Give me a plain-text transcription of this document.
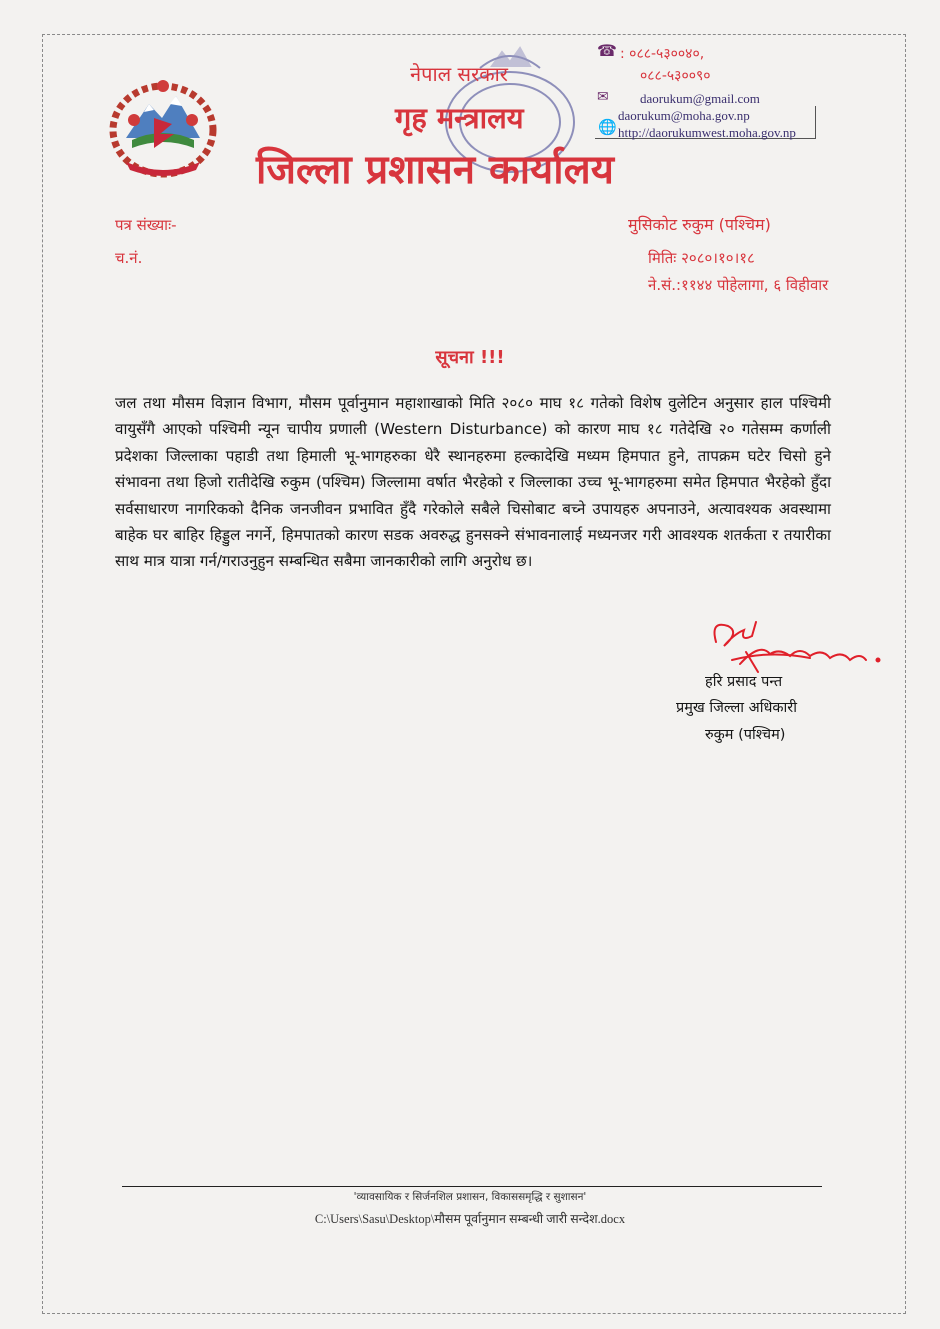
नेपाल सरकार
गृह मन्त्रालय
जिल्ला प्रशासन कार्यालय
☎ : ०८८-५३००४०,
०८८-५३००९०
✉ daorukum@gmail.com
🌐
daorukum@moha.gov.np
http://daorukumwest.moha.gov.np
पत्र संख्याः-
च.नं.
मुसिकोट रुकुम (पश्चिम)
मितिः २०८०।१०।१८
ने.सं.:११४४ पोहेलागा, ६ विहीवार
सूचना !!!
जल तथा मौसम विज्ञान विभाग, मौसम पूर्वानुमान महाशाखाको मिति २०८० माघ १८ गतेको विशेष वुलेटिन अनुसार हाल पश्चिमी वायुसँगै आएको पश्चिमी न्यून चापीय प्रणाली (Western Disturbance) को कारण माघ १८ गतेदेखि २० गतेसम्म कर्णाली प्रदेशका जिल्लाका पहाडी तथा हिमाली भू-भागहरुका धेरै स्थानहरुमा हल्कादेखि मध्यम हिमपात हुने, तापक्रम घटेर चिसो हुने संभावना तथा हिजो रातीदेखि रुकुम (पश्चिम) जिल्लामा वर्षात भैरहेको र जिल्लाका उच्च भू-भागहरुमा समेत हिमपात भैरहेको हुँदा सर्वसाधारण नागरिकको दैनिक जनजीवन प्रभावित हुँदै गरेकोले सबैले चिसोबाट बच्ने उपायहरु अपनाउने, अत्यावश्यक अवस्थामा बाहेक घर बाहिर हिड्डुल नगर्ने, हिमपातको कारण सडक अवरुद्ध हुनसक्ने संभावनालाई मध्यनजर गरी आवश्यक शतर्कता र तयारीका साथ मात्र यात्रा गर्न/गराउनुहुन सम्बन्धित सबैमा जानकारीको लागि अनुरोध छ।
हरि प्रसाद पन्त
प्रमुख जिल्ला अधिकारी
रुकुम (पश्चिम)
'व्यावसायिक र सिर्जनशिल प्रशासन, विकाससमृद्धि र सुशासन'
C:\Users\Sasu\Desktop\मौसम पूर्वानुमान सम्बन्धी जारी सन्देश.docx
